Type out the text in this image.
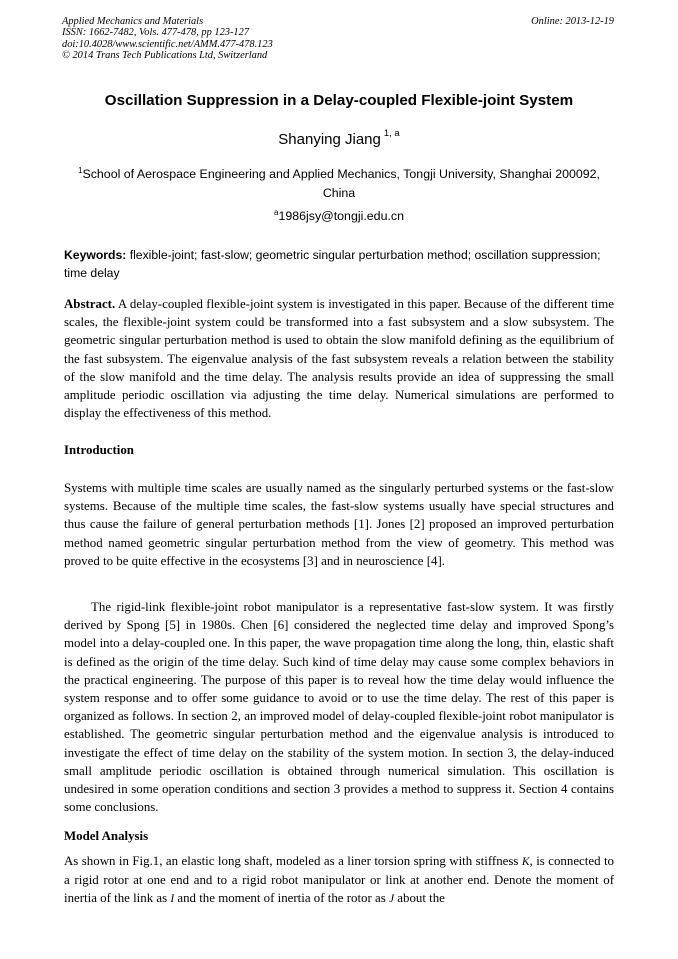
Applied Mechanics and Materials
ISSN: 1662-7482, Vols. 477-478, pp 123-127
doi:10.4028/www.scientific.net/AMM.477-478.123
© 2014 Trans Tech Publications Ltd, Switzerland
Online: 2013-12-19
Oscillation Suppression in a Delay-coupled Flexible-joint System
Shanying Jiang $^{1, a}$
$^1$School of Aerospace Engineering and Applied Mechanics, Tongji University, Shanghai 200092, China
$^a$1986jsy@tongji.edu.cn
Keywords: flexible-joint; fast-slow; geometric singular perturbation method; oscillation suppression; time delay
Abstract. A delay-coupled flexible-joint system is investigated in this paper. Because of the different time scales, the flexible-joint system could be transformed into a fast subsystem and a slow subsystem. The geometric singular perturbation method is used to obtain the slow manifold defining as the equilibrium of the fast subsystem. The eigenvalue analysis of the fast subsystem reveals a relation between the stability of the slow manifold and the time delay. The analysis results provide an idea of suppressing the small amplitude periodic oscillation via adjusting the time delay. Numerical simulations are performed to display the effectiveness of this method.
Introduction
Systems with multiple time scales are usually named as the singularly perturbed systems or the fast-slow systems. Because of the multiple time scales, the fast-slow systems usually have special structures and thus cause the failure of general perturbation methods [1]. Jones [2] proposed an improved perturbation method named geometric singular perturbation method from the view of geometry. This method was proved to be quite effective in the ecosystems [3] and in neuroscience [4].
The rigid-link flexible-joint robot manipulator is a representative fast-slow system. It was firstly derived by Spong [5] in 1980s. Chen [6] considered the neglected time delay and improved Spong’s model into a delay-coupled one. In this paper, the wave propagation time along the long, thin, elastic shaft is defined as the origin of the time delay. Such kind of time delay may cause some complex behaviors in the practical engineering. The purpose of this paper is to reveal how the time delay would influence the system response and to offer some guidance to avoid or to use the time delay. The rest of this paper is organized as follows. In section 2, an improved model of delay-coupled flexible-joint robot manipulator is established. The geometric singular perturbation method and the eigenvalue analysis is introduced to investigate the effect of time delay on the stability of the system motion. In section 3, the delay-induced small amplitude periodic oscillation is obtained through numerical simulation. This oscillation is undesired in some operation conditions and section 3 provides a method to suppress it. Section 4 contains some conclusions.
Model Analysis
As shown in Fig.1, an elastic long shaft, modeled as a liner torsion spring with stiffness K, is connected to a rigid rotor at one end and to a rigid robot manipulator or link at another end. Denote the moment of inertia of the link as I and the moment of inertia of the rotor as J about the
